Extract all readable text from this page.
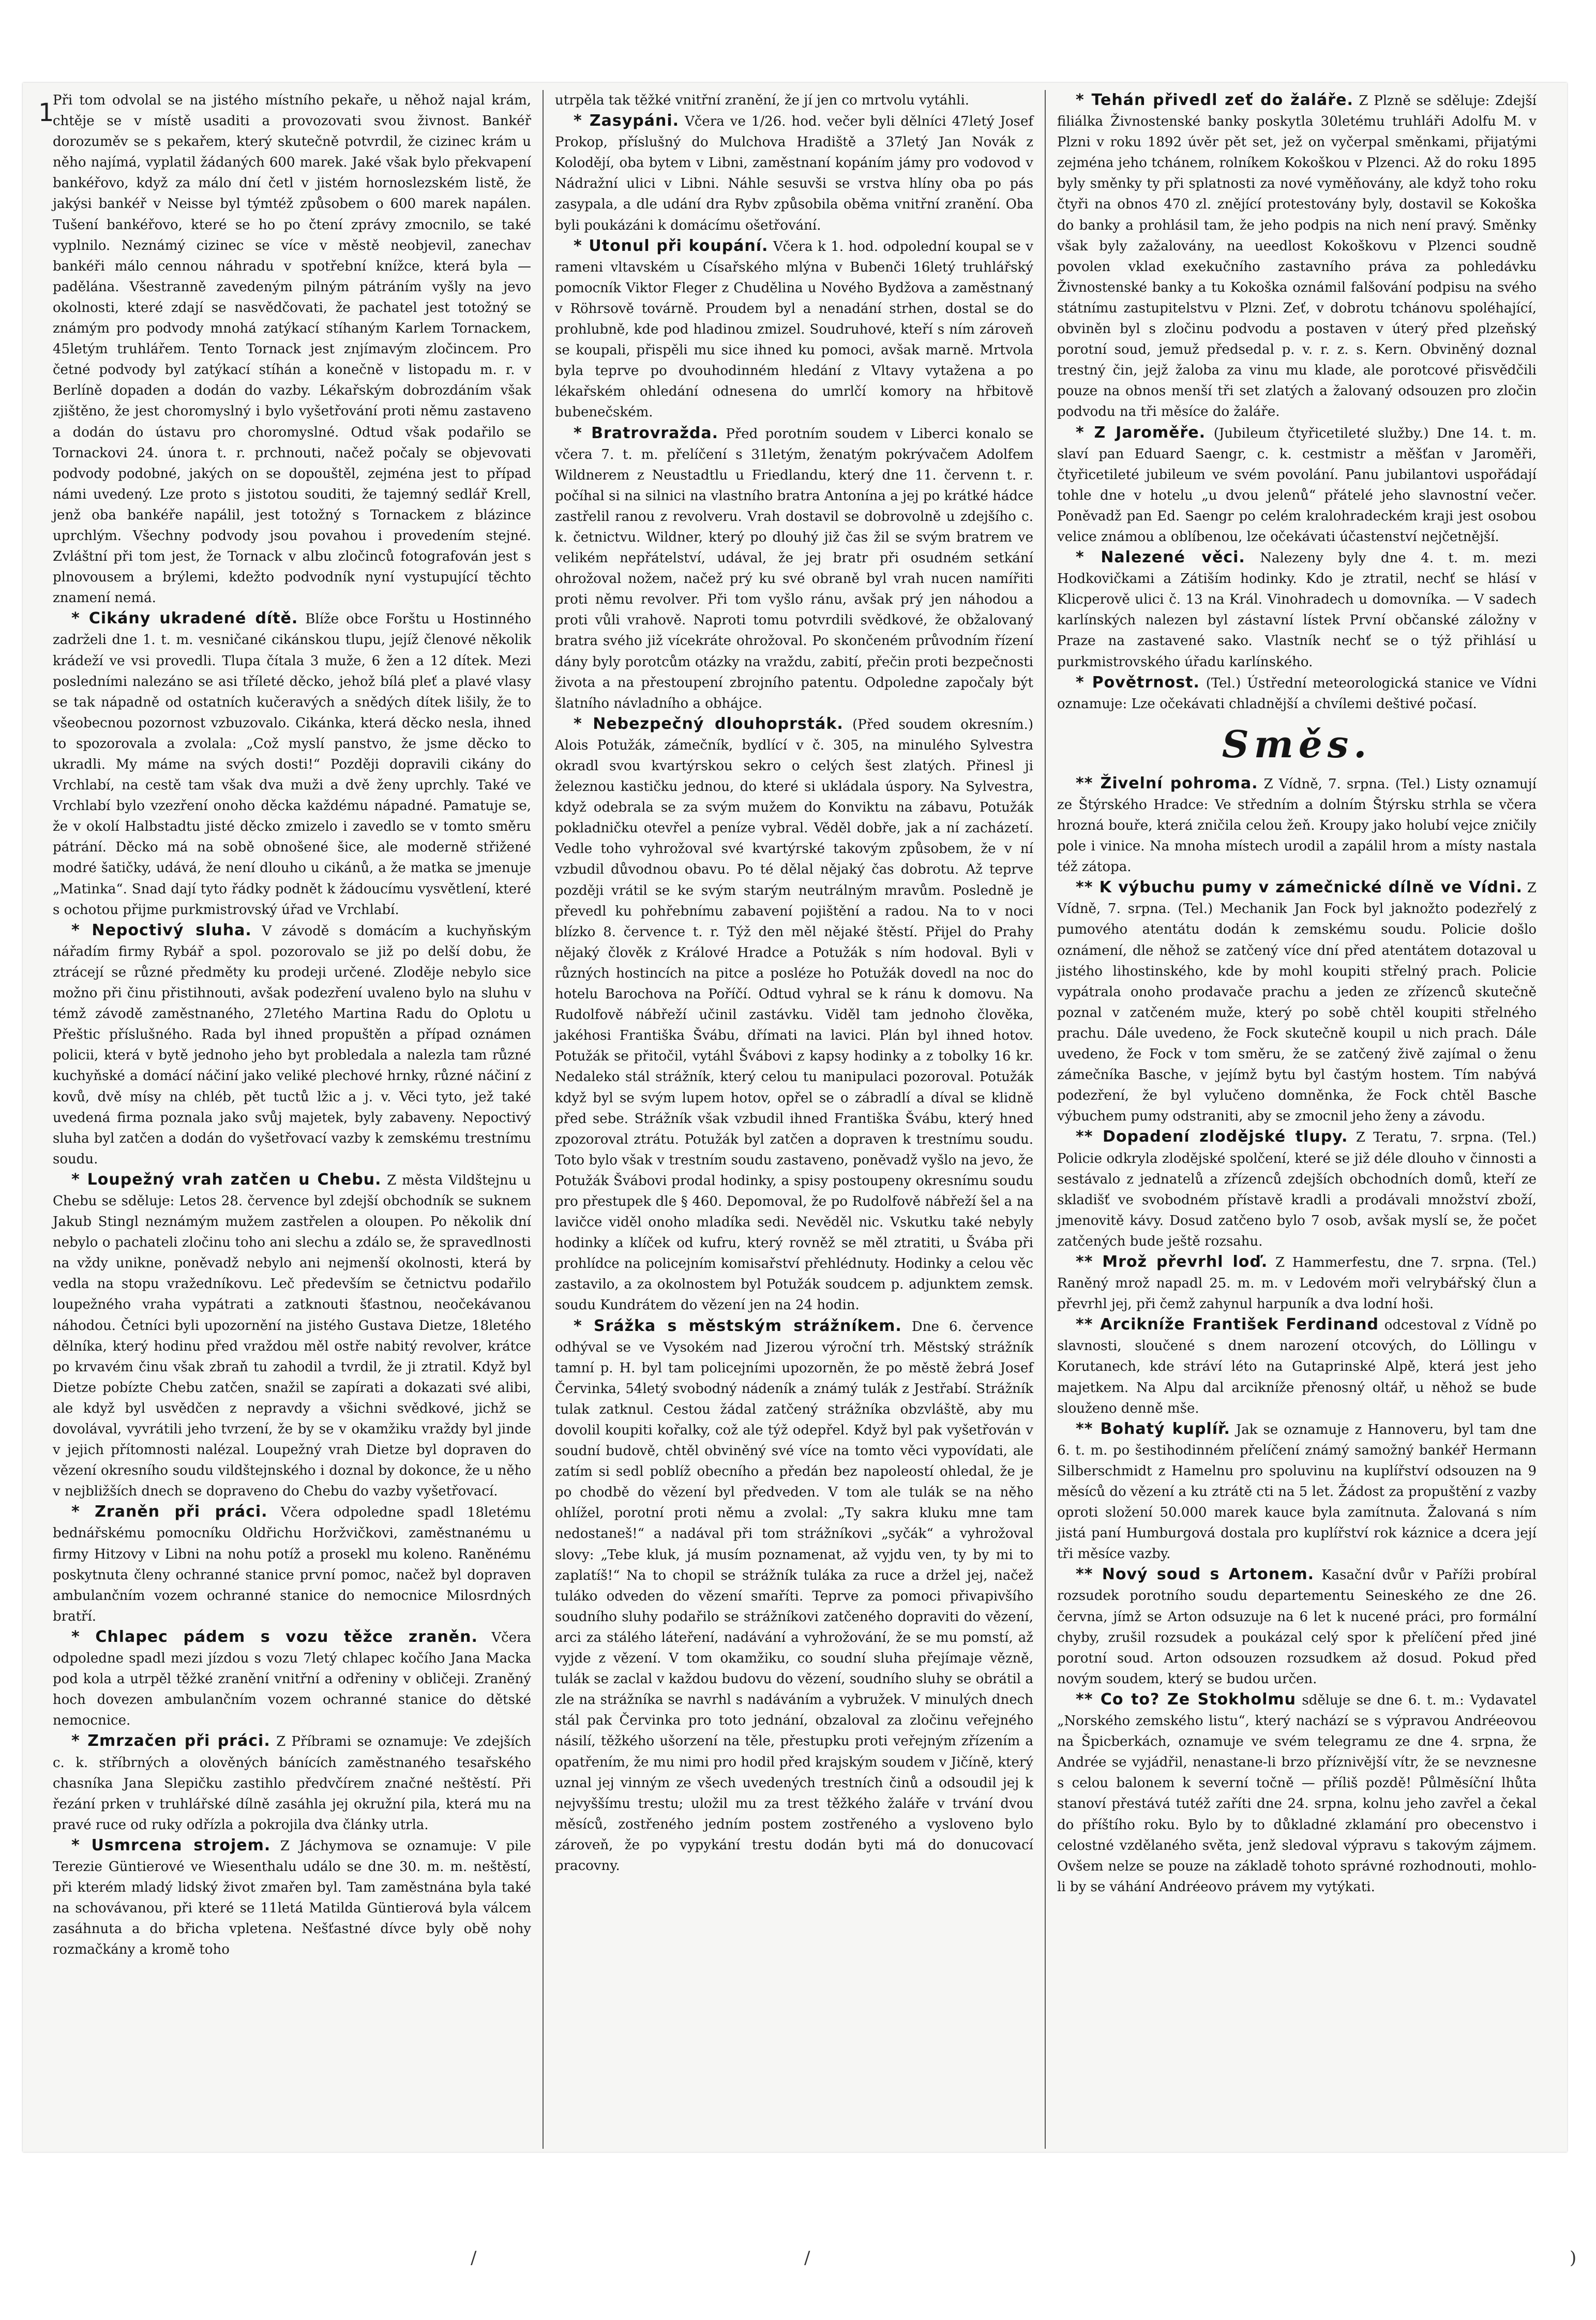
1

Při tom odvolal se na jistého místního pekaře, u něhož najal krám, chtěje se v místě usaditi a provozovati svou živnost. Bankéř dorozuměv se s pekařem, který skutečně potvrdil, že cizinec krám u něho najímá, vyplatil žádaných 600 marek. Jaké však bylo překvapení bankéřovo, když za málo dní četl v jistém hornoslezském listě, že jakýsi bankéř v Neisse byl týmtéž způsobem o 600 marek napálen. Tušení bankéřovo, které se ho po čtení zprávy zmocnilo, se také vyplnilo. Neznámý cizinec se více v městě neobjevil, zanechav bankéři málo cennou náhradu v spotřební knížce, která byla — padělána. Všestranně zavedeným pilným pátráním vyšly na jevo okolnosti, které zdají se nasvědčovati, že pachatel jest totožný se známým pro podvody mnohá zatýkací stíhaným Karlem Tornackem, 45letým truhlářem. Tento Tornack jest znjímavým zločincem. Pro četné podvody byl zatýkací stíhán a konečně v listopadu m. r. v Berlíně dopaden a dodán do vazby. Lékařským dobrozdáním však zjištěno, že jest choromyslný i bylo vyšetřování proti němu zastaveno a dodán do ústavu pro choromyslné. Odtud však podařilo se Tornackovi 24. února t. r. prchnouti, načež počaly se objevovati podvody podobné, jakých on se dopouštěl, zejména jest to případ námi uvedený. Lze proto s jistotou souditi, že tajemný sedlář Krell, jenž oba bankéře napálil, jest totožný s Tornackem z blázince uprchlým. Všechny podvody jsou povahou i provedením stejné. Zvláštní při tom jest, že Tornack v albu zločinců fotografován jest s plnovousem a brýlemi, kdežto podvodník nyní vystupující těchto znamení nemá.

* Cikány ukradené dítě. Blíže obce Forštu u Hostinného zadrželi dne 1. t. m. vesničané cikánskou tlupu, jejíž členové několik krádeží ve vsi provedli. Tlupa čítala 3 muže, 6 žen a 12 dítek. Mezi posledními nalezáno se asi tříleté děcko, jehož bílá pleť a plavé vlasy se tak nápadně od ostatních kučeravých a snědých dítek lišily, že to všeobecnou pozornost vzbuzovalo. Cikánka, která děcko nesla, ihned to spozorovala a zvolala: „Což myslí panstvo, že jsme děcko to ukradli. My máme na svých dosti!“ Později dopravili cikány do Vrchlabí, na cestě tam však dva muži a dvě ženy uprchly. Také ve Vrchlabí bylo vzezření onoho děcka každému nápadné. Pamatuje se, že v okolí Halbstadtu jisté děcko zmizelo i zavedlo se v tomto směru pátrání. Děcko má na sobě obnošené šice, ale moderně střižené modré šatičky, udává, že není dlouho u cikánů, a že matka se jmenuje „Matinka“. Snad dají tyto řádky podnět k žádoucímu vysvětlení, které s ochotou přijme purkmistrovský úřad ve Vrchlabí.

* Nepoctivý sluha. V závodě s domácím a kuchyňským nářadím firmy Rybář a spol. pozorovalo se již po delší dobu, že ztrácejí se různé předměty ku prodeji určené. Zloděje nebylo sice možno při činu přistihnouti, avšak podezření uvaleno bylo na sluhu v témž závodě zaměstnaného, 27letého Martina Radu do Oplotu u Přeštic příslušného. Rada byl ihned propuštěn a případ oznámen policii, která v bytě jednoho jeho byt probledala a nalezla tam různé kuchyňské a domácí náčiní jako veliké plechové hrnky, různé náčiní z kovů, dvě mísy na chléb, pět tuctů lžic a j. v. Věci tyto, jež také uvedená firma poznala jako svůj majetek, byly zabaveny. Nepoctivý sluha byl zatčen a dodán do vyšetřovací vazby k zemskému trestnímu soudu.

* Loupežný vrah zatčen u Chebu. Z města Vildštejnu u Chebu se sděluje: Letos 28. července byl zdejší obchodník se suknem Jakub Stingl neznámým mužem zastřelen a oloupen. Po několik dní nebylo o pachateli zločinu toho ani slechu a zdálo se, že spravedlnosti na vždy unikne, poněvadž nebylo ani nejmenší okolnosti, která by vedla na stopu vražedníkovu. Leč především se četnictvu podařilo loupežného vraha vypátrati a zatknouti šťastnou, neočekávanou náhodou. Četníci byli upozornění na jistého Gustava Dietze, 18letého dělníka, který hodinu před vraždou měl ostře nabitý revolver, krátce po krvavém činu však zbraň tu zahodil a tvrdil, že ji ztratil. Když byl Dietze pobízte Chebu zatčen, snažil se zapírati a dokazati své alibi, ale když byl usvědčen z nepravdy a všichni svědkové, jichž se dovolával, vyvrátili jeho tvrzení, že by se v okamžiku vraždy byl jinde v jejich přítomnosti nalézal. Loupežný vrah Dietze byl dopraven do vězení okresního soudu vildštejnského i doznal by dokonce, že u něho v nejbližších dnech se dopraveno do Chebu do vazby vyšetřovací.

* Zraněn při práci. Včera odpoledne spadl 18letému bednářskému pomocníku Oldřichu Horžvičkovi, zaměstnanému u firmy Hitzovy v Libni na nohu potíž a prosekl mu koleno. Raněnému poskytnuta členy ochranné stanice první pomoc, načež byl dopraven ambulančním vozem ochranné stanice do nemocnice Milosrdných bratří.

* Chlapec pádem s vozu těžce zraněn. Včera odpoledne spadl mezi jízdou s vozu 7letý chlapec kočího Jana Macka pod kola a utrpěl těžké zranění vnitřní a odřeniny v obličeji. Zraněný hoch dovezen ambulančním vozem ochranné stanice do dětské nemocnice.

* Zmrzačen při práci. Z Příbrami se oznamuje: Ve zdejších c. k. stříbrných a olověných bánících zaměstnaného tesařského chasníka Jana Slepičku zastihlo předvčírem značné neštěstí. Při řezání prken v truhlářské dílně zasáhla jej okružní pila, která mu na pravé ruce od ruky odřízla a pokrojila dva články utrla.

* Usmrcena strojem. Z Jáchymova se oznamuje: V pile Terezie Güntierové ve Wiesenthalu událo se dne 30. m. m. neštěstí, při kterém mladý lidský život zmařen byl. Tam zaměstnána byla také na schovávanou, při které se 11letá Matilda Güntierová byla válcem zasáhnuta a do břicha vpletena. Nešťastné dívce byly obě nohy rozmačkány a kromě toho

utrpěla tak těžké vnitřní zranění, že jí jen co mrtvolu vytáhli.

* Zasypáni. Včera ve 1/26. hod. večer byli dělníci 47letý Josef Prokop, příslušný do Mulchova Hradiště a 37letý Jan Novák z Kolodějí, oba bytem v Libni, zaměstnaní kopáním jámy pro vodovod v Nádražní ulici v Libni. Náhle sesuvši se vrstva hlíny oba po pás zasypala, a dle udání dra Rybv způsobila oběma vnitřní zranění. Oba byli poukázáni k domácímu ošetřování.

* Utonul při koupání. Včera k 1. hod. odpolední koupal se v rameni vltavském u Císařského mlýna v Bubenči 16letý truhlářský pomocník Viktor Fleger z Chudělina u Nového Bydžova a zaměstnaný v Röhrsově továrně. Proudem byl a nenadání strhen, dostal se do prohlubně, kde pod hladinou zmizel. Soudruhové, kteří s ním zároveň se koupali, přispěli mu sice ihned ku pomoci, avšak marně. Mrtvola byla teprve po dvouhodinném hledání z Vltavy vytažena a po lékařském ohledání odnesena do umrlčí komory na hřbitově bubenečském.

* Bratrovražda. Před porotním soudem v Liberci konalo se včera 7. t. m. přelíčení s 31letým, ženatým pokrývačem Adolfem Wildnerem z Neustadtlu u Friedlandu, který dne 11. červenn t. r. počíhal si na silnici na vlastního bratra Antonína a jej po krátké hádce zastřelil ranou z revolveru. Vrah dostavil se dobrovolně u zdejšího c. k. četnictvu. Wildner, který po dlouhý již čas žil se svým bratrem ve velikém nepřátelství, udával, že jej bratr při osudném setkání ohrožoval nožem, načež prý ku své obraně byl vrah nucen namířiti proti němu revolver. Při tom vyšlo ránu, avšak prý jen náhodou a proti vůli vrahově. Naproti tomu potvrdili svědkové, že obžalovaný bratra svého již vícekráte ohrožoval. Po skončeném průvodním řízení dány byly porotcům otázky na vraždu, zabití, přečin proti bezpečnosti života a na přestoupení zbrojního patentu. Odpoledne započaly být šlatního návladního a obhájce.

* Nebezpečný dlouhoprsták. (Před soudem okresním.) Alois Potužák, zámečník, bydlící v č. 305, na minulého Sylvestra okradl svou kvartýrskou sekro o celých šest zlatých. Přinesl ji železnou kastičku jednou, do které si ukládala úspory. Na Sylvestra, když odebrala se za svým mužem do Konviktu na zábavu, Potužák pokladničku otevřel a peníze vybral. Věděl dobře, jak a ní zacházetí. Vedle toho vyhrožoval své kvartýrské takovým způsobem, že v ní vzbudil důvodnou obavu. Po té dělal nějaký čas dobrotu. Až teprve později vrátil se ke svým starým neutrálným mravům. Posledně je převedl ku pohřebnímu zabavení pojištění a radou. Na to v noci blízko 8. července t. r. Týž den měl nějaké štěstí. Přijel do Prahy nějaký člověk z Králové Hradce a Potužák s ním hodoval. Byli v různých hostincích na pitce a posléze ho Potužák dovedl na noc do hotelu Barochova na Poříčí. Odtud vyhral se k ránu k domovu. Na Rudolfově nábřeží učinil zastávku. Viděl tam jednoho člověka, jakéhosi Františka Švábu, dřímati na lavici. Plán byl ihned hotov. Potužák se přitočil, vytáhl Švábovi z kapsy hodinky a z tobolky 16 kr. Nedaleko stál strážník, který celou tu manipulaci pozoroval. Potužák když byl se svým lupem hotov, opřel se o zábradlí a díval se klidně před sebe. Strážník však vzbudil ihned Františka Švábu, který hned zpozoroval ztrátu. Potužák byl zatčen a dopraven k trestnímu soudu. Toto bylo však v trestním soudu zastaveno, poněvadž vyšlo na jevo, že Potužák Švábovi prodal hodinky, a spisy postoupeny okresnímu soudu pro přestupek dle § 460. Depomoval, že po Rudolfově nábřeží šel a na lavičce viděl onoho mladíka sedi. Nevěděl nic. Vskutku také nebyly hodinky a klíček od kufru, který rovněž se měl ztratiti, u Švába při prohlídce na policejním komisařství přehlédnuty. Hodinky a celou věc zastavilo, a za okolnostem byl Potužák soudcem p. adjunktem zemsk. soudu Kundrátem do vězení jen na 24 hodin.

* Srážka s městským strážníkem. Dne 6. července odhýval se ve Vysokém nad Jizerou výroční trh. Městský strážník tamní p. H. byl tam policejními upozorněn, že po městě žebrá Josef Červinka, 54letý svobodný nádeník a známý tulák z Jestřabí. Strážník tulak zatknul. Cestou žádal zatčený strážníka obzvláště, aby mu dovolil koupiti kořalky, což ale týž odepřel. Když byl pak vyšetřován v soudní budově, chtěl obviněný své více na tomto věci vypovídati, ale zatím si sedl poblíž obecního a předán bez napoleostí ohledal, že je po chodbě do vězení byl předveden. V tom ale tulák se na něho ohlížel, porotní proti němu a zvolal: „Ty sakra kluku mne tam nedostaneš!“ a nadával při tom strážníkovi „syčák“ a vyhrožoval slovy: „Tebe kluk, já musím poznamenat, až vyjdu ven, ty by mi to zaplatíš!“ Na to chopil se strážník tuláka za ruce a držel jej, načež tuláko odveden do vězení smaříti. Teprve za pomoci přivapivšího soudního sluhy podařilo se strážníkovi zatčeného dopraviti do vězení, arci za stálého láteření, nadávání a vyhrožování, že se mu pomstí, až vyjde z vězení. V tom okamžiku, co soudní sluha přejímaje vězně, tulák se zaclal v každou budovu do vězení, soudního sluhy se obrátil a zle na strážníka se navrhl s nadáváním a vybružek. V minulých dnech stál pak Červinka pro toto jednání, obzaloval za zločinu veřejného násilí, těžkého ušorzení na těle, přestupku proti veřejným zřízením a opatřením, že mu nimi pro hodil před krajským soudem v Jičíně, který uznal jej vinným ze všech uvedených trestních činů a odsoudil jej k nejvyššímu trestu; uložil mu za trest těžkého žaláře v trvání dvou měsíců, zostřeného jedním postem zostřeného a vysloveno bylo zároveň, že po vypykání trestu dodán byti má do donucovací pracovny.

* Tehán přivedl zeť do žaláře. Z Plzně se sděluje: Zdejší filiálka Živnostenské banky poskytla 30letému truhláři Adolfu M. v Plzni v roku 1892 úvěr pět set, jež on vyčerpal směnkami, přijatými zejména jeho tchánem, rolníkem Kokoškou v Plzenci. Až do roku 1895 byly směnky ty při splatnosti za nové vyměňovány, ale když toho roku čtyři na obnos 470 zl. znějící protestovány byly, dostavil se Kokoška do banky a prohlásil tam, že jeho podpis na nich není pravý. Směnky však byly zažalovány, na ueedlost Kokoškovu v Plzenci soudně povolen vklad exekučního zastavního práva za pohledávku Živnostenské banky a tu Kokoška oznámil falšování podpisu na svého státnímu zastupitelstvu v Plzni. Zeť, v dobrotu tchánovu spoléhající, obviněn byl s zločinu podvodu a postaven v úterý před plzeňský porotní soud, jemuž předsedal p. v. r. z. s. Kern. Obviněný doznal trestný čin, jejž žaloba za vinu mu klade, ale porotcové přisvědčili pouze na obnos menší tři set zlatých a žalovaný odsouzen pro zločin podvodu na tři měsíce do žaláře.

* Z Jaroměře. (Jubileum čtyřicetileté služby.) Dne 14. t. m. slaví pan Eduard Saengr, c. k. cestmistr a měšťan v Jaroměři, čtyřicetileté jubileum ve svém povolání. Panu jubilantovi uspořádají tohle dne v hotelu „u dvou jelenů“ přátelé jeho slavnostní večer. Poněvadž pan Ed. Saengr po celém kralohradeckém kraji jest osobou velice známou a oblíbenou, lze očekávati účastenství nejčetnější.

* Nalezené věci. Nalezeny byly dne 4. t. m. mezi Hodkovičkami a Zátiším hodinky. Kdo je ztratil, nechť se hlásí v Klicperově ulici č. 13 na Král. Vinohradech u domovníka. — V sadech karlínských nalezen byl zástavní lístek První občanské záložny v Praze na zastavené sako. Vlastník nechť se o týž přihlásí u purkmistrovského úřadu karlínského.

* Povětrnost. (Tel.) Ústřední meteorologická stanice ve Vídni oznamuje: Lze očekávati chladnější a chvílemi deštivé počasí.

Směs.

** Živelní pohroma. Z Vídně, 7. srpna. (Tel.) Listy oznamují ze Štýrského Hradce: Ve středním a dolním Štýrsku strhla se včera hrozná bouře, která zničila celou žeň. Kroupy jako holubí vejce zničily pole i vinice. Na mnoha místech urodil a zapálil hrom a místy nastala též zátopa.

** K výbuchu pumy v zámečnické dílně ve Vídni. Z Vídně, 7. srpna. (Tel.) Mechanik Jan Fock byl jaknožto podezřelý z pumového atentátu dodán k zemskému soudu. Policie došlo oznámení, dle něhož se zatčený více dní před atentátem dotazoval u jistého lihostinského, kde by mohl koupiti střelný prach. Policie vypátrala onoho prodavače prachu a jeden ze zřízenců skutečně poznal v zatčeném muže, který po sobě chtěl koupiti střelného prachu. Dále uvedeno, že Fock skutečně koupil u nich prach. Dále uvedeno, že Fock v tom směru, že se zatčený živě zajímal o ženu zámečníka Basche, v jejímž bytu byl častým hostem. Tím nabývá podezření, že byl vylučeno domněnka, že Fock chtěl Basche výbuchem pumy odstraniti, aby se zmocnil jeho ženy a závodu.

** Dopadení zlodějské tlupy. Z Teratu, 7. srpna. (Tel.) Policie odkryla zlodějské spolčení, které se již déle dlouho v činnosti a sestávalo z jednatelů a zřízenců zdejších obchodních domů, kteří ze skladišť ve svobodném přístavě kradli a prodávali množství zboží, jmenovitě kávy. Dosud zatčeno bylo 7 osob, avšak myslí se, že počet zatčených bude ještě rozsahu.

** Mrož převrhl loď. Z Hammerfestu, dne 7. srpna. (Tel.) Raněný mrož napadl 25. m. m. v Ledovém moři velrybářský člun a převrhl jej, při čemž zahynul harpuník a dva lodní hoši.

** Arcikníže František Ferdinand odcestoval z Vídně po slavnosti, sloučené s dnem narození otcových, do Löllingu v Korutanech, kde stráví léto na Gutaprinské Alpě, která jest jeho majetkem. Na Alpu dal arcikníže přenosný oltář, u něhož se bude slouženo denně mše.

** Bohatý kuplíř. Jak se oznamuje z Hannoveru, byl tam dne 6. t. m. po šestihodinném přelíčení známý samožný bankéř Hermann Silberschmidt z Hamelnu pro spoluvinu na kuplířství odsouzen na 9 měsíců do vězení a ku ztrátě cti na 5 let. Žádost za propuštění z vazby oproti složení 50.000 marek kauce byla zamítnuta. Žalovaná s ním jistá paní Humburgová dostala pro kuplířství rok káznice a dcera její tři měsíce vazby.

** Nový soud s Artonem. Kasační dvůr v Paříži probíral rozsudek porotního soudu departementu Seineského ze dne 26. června, jímž se Arton odsuzuje na 6 let k nucené práci, pro formální chyby, zrušil rozsudek a poukázal celý spor k přelíčení před jiné porotní soud. Arton odsouzen rozsudkem až dosud. Pokud před novým soudem, který se budou určen.

** Co to? Ze Stokholmu sděluje se dne 6. t. m.: Vydavatel „Norského zemského listu“, který nachází se s výpravou Andréeovou na Špicberkách, oznamuje ve svém telegramu ze dne 4. srpna, že Andrée se vyjádřil, nenastane-li brzo příznivější vítr, že se nevznesne s celou balonem k severní točně — příliš pozdě! Půlměsíční lhůta stanoví přestává tutéž zaříti dne 24. srpna, kolnu jeho zavřel a čekal do příštího roku. Bylo by to důkladné zklamání pro obecenstvo i celostné vzdělaného světa, jenž sledoval výpravu s takovým zájmem. Ovšem nelze se pouze na základě tohoto správné rozhodnouti, mohlo-li by se váhání Andréeovo právem my vytýkati.

/	/	)
